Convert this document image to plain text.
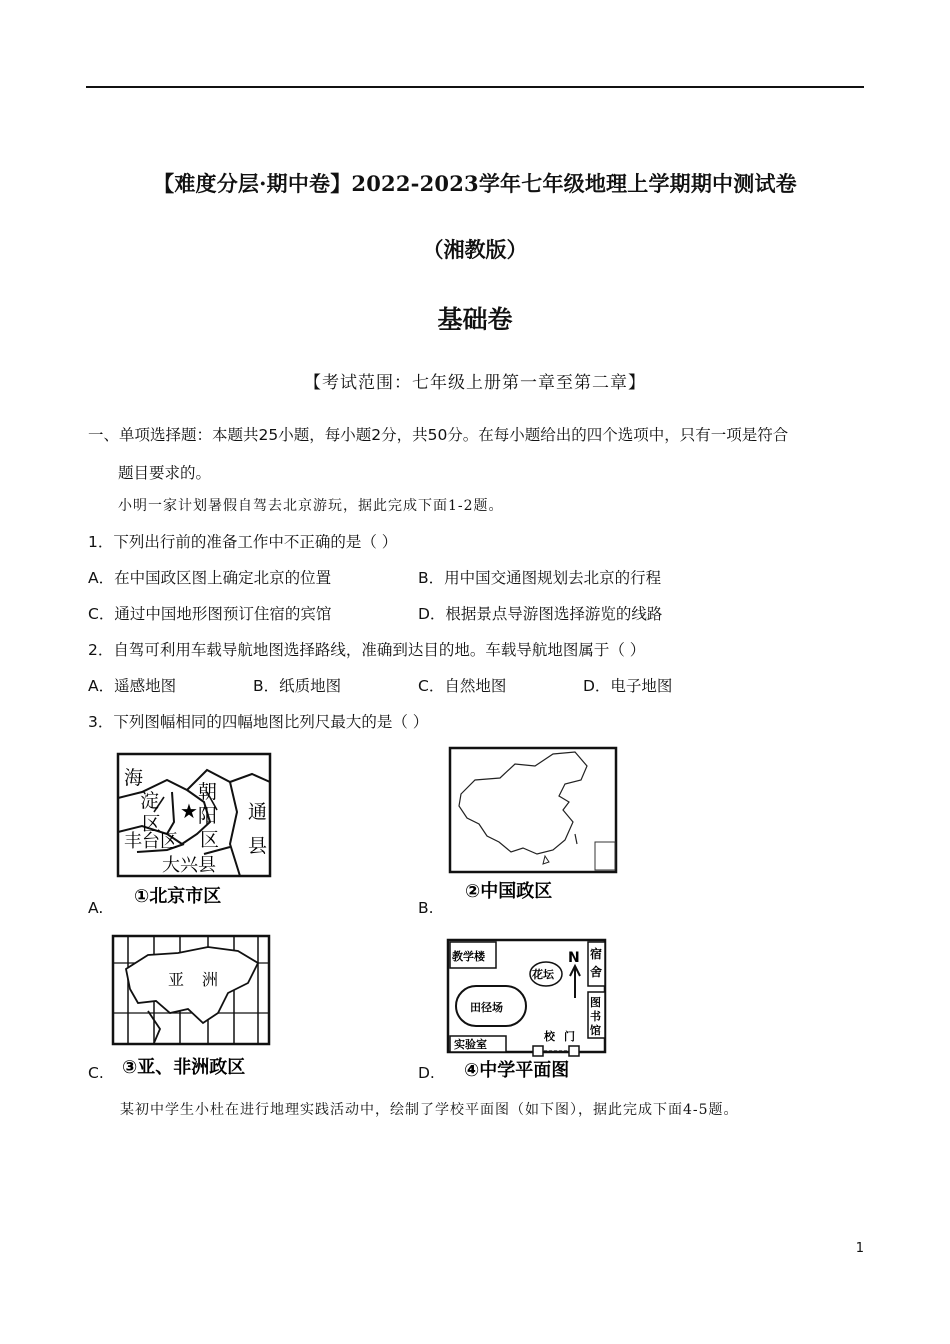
【难度分层·期中卷】2022-2023学年七年级地理上学期期中测试卷
（湘教版）
基础卷
【考试范围：七年级上册第一章至第二章】
一、单项选择题：本题共25小题，每小题2分，共50分。在每小题给出的四个选项中，只有一项是符合
题目要求的。
小明一家计划暑假自驾去北京游玩，据此完成下面1-2题。
1．下列出行前的准备工作中不正确的是（ ）
A．在中国政区图上确定北京的位置	B．用中国交通图规划去北京的行程
C．通过中国地形图预订住宿的宾馆	D．根据景点导游图选择游览的线路
2．自驾可利用车载导航地图选择路线，准确到达目的地。车载导航地图属于（ ）
A．遥感地图	B．纸质地图	C．自然地图	D．电子地图
3．下列图幅相同的四幅地图比列尺最大的是（ ）
★
海
淀
区
朝
阳
区
通
县
丰台区
大兴县
①北京市区
A.
②中国政区
B.
亚 洲
③亚、非洲政区
C.
教学楼	N
花坛
宿
舍
图
书
馆
田径场
实验室
校 门
④中学平面图
D.
某初中学生小杜在进行地理实践活动中，绘制了学校平面图（如下图），据此完成下面4-5题。
1
